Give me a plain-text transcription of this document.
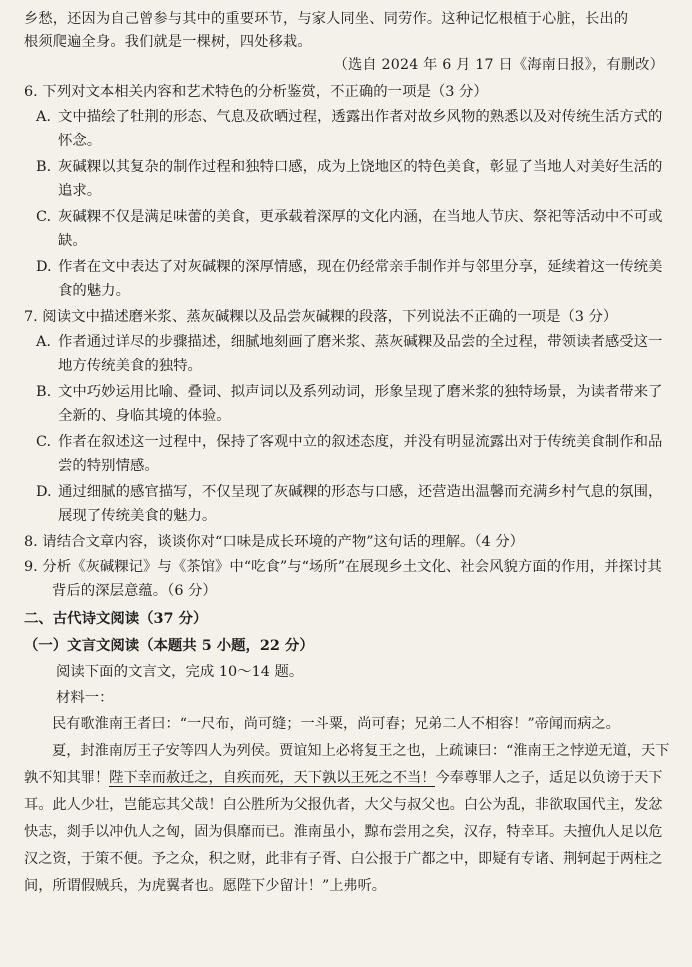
乡愁，还因为自己曾参与其中的重要环节，与家人同坐、同劳作。这种记忆根植于心脏，长出的

根须爬遍全身。我们就是一棵树，四处移栽。

（选自 2024 年 6 月 17 日《海南日报》，有删改）

6. 下列对文本相关内容和艺术特色的分析鉴赏，不正确的一项是（3 分）

A. 文中描绘了牡荆的形态、气息及砍晒过程，透露出作者对故乡风物的熟悉以及对传统生活方式的怀念。

B. 灰碱粿以其复杂的制作过程和独特口感，成为上饶地区的特色美食，彰显了当地人对美好生活的追求。

C. 灰碱粿不仅是满足味蕾的美食，更承载着深厚的文化内涵，在当地人节庆、祭祀等活动中不可或缺。

D. 作者在文中表达了对灰碱粿的深厚情感，现在仍经常亲手制作并与邻里分享，延续着这一传统美食的魅力。

7. 阅读文中描述磨米浆、蒸灰碱粿以及品尝灰碱粿的段落，下列说法不正确的一项是（3 分）

A. 作者通过详尽的步骤描述，细腻地刻画了磨米浆、蒸灰碱粿及品尝的全过程，带领读者感受这一地方传统美食的独特。

B. 文中巧妙运用比喻、叠词、拟声词以及系列动词，形象呈现了磨米浆的独特场景，为读者带来了全新的、身临其境的体验。

C. 作者在叙述这一过程中，保持了客观中立的叙述态度，并没有明显流露出对于传统美食制作和品尝的特别情感。

D. 通过细腻的感官描写，不仅呈现了灰碱粿的形态与口感，还营造出温馨而充满乡村气息的氛围，展现了传统美食的魅力。

8. 请结合文章内容，谈谈你对“口味是成长环境的产物”这句话的理解。（4 分）

9. 分析《灰碱粿记》与《茶馆》中“吃食”与“场所”在展现乡土文化、社会风貌方面的作用，并探讨其背后的深层意蕴。（6 分）

二、古代诗文阅读（37 分）

（一）文言文阅读（本题共 5 小题，22 分）

阅读下面的文言文，完成 10～14 题。

材料一：

民有歌淮南王者曰：“一尺布，尚可缝；一斗粟，尚可舂；兄弟二人不相容！”帝闻而病之。

夏，封淮南厉王子安等四人为列侯。贾谊知上必将复王之也，上疏谏曰：“淮南王之悖逆无道，天下孰不知其罪！陛下幸而赦迁之，自疾而死，天下孰以王死之不当！今奉尊罪人之子，适足以负谤于天下耳。此人少壮，岂能忘其父哉！白公胜所为父报仇者，大父与叔父也。白公为乱，非欲取国代主，发忿快志，剡手以冲仇人之匈，固为俱靡而已。淮南虽小，黥布尝用之矣，汉存，特幸耳。夫擅仇人足以危汉之资，于策不便。予之众，积之财，此非有子胥、白公报于广都之中，即疑有专诸、荆轲起于两柱之间，所谓假贼兵，为虎翼者也。愿陛下少留计！”上弗听。
